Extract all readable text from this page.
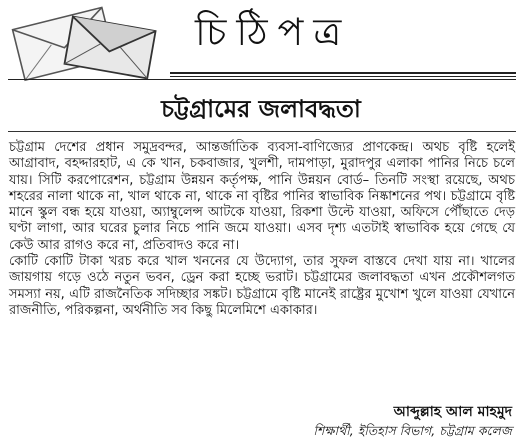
চিঠিপত্র
চট্টগ্রামের জলাবদ্ধতা

চট্টগ্রাম দেশের প্রধান সমুদ্রবন্দর, আন্তর্জাতিক ব্যবসা-বাণিজ্যের প্রাণকেন্দ্র। অথচ বৃষ্টি হলেই আগ্রাবাদ, বহদ্দারহাট, এ কে খান, চকবাজার, খুলশী, দামপাড়া, মুরাদপুর এলাকা পানির নিচে চলে যায়। সিটি করপোরেশন, চট্টগ্রাম উন্নয়ন কর্তৃপক্ষ, পানি উন্নয়ন বোর্ড– তিনটি সংস্থা রয়েছে, অথচ শহরের নালা থাকে না, খাল থাকে না, থাকে না বৃষ্টির পানির স্বাভাবিক নিষ্কাশনের পথ। চট্টগ্রামে বৃষ্টি মানে স্কুল বন্ধ হয়ে যাওয়া, অ্যাম্বুলেন্স আটকে যাওয়া, রিকশা উল্টে যাওয়া, অফিসে পৌঁছাতে দেড় ঘণ্টা লাগা, আর ঘরের চুলার নিচে পানি জমে যাওয়া। এসব দৃশ্য এতটাই স্বাভাবিক হয়ে গেছে যে কেউ আর রাগও করে না, প্রতিবাদও করে না।

কোটি কোটি টাকা খরচ করে খাল খননের যে উদ্যোগ, তার সুফল বাস্তবে দেখা যায় না। খালের জায়গায় গড়ে ওঠে নতুন ভবন, ড্রেন করা হচ্ছে ভরাট। চট্টগ্রামের জলাবদ্ধতা এখন প্রকৌশলগত সমস্যা নয়, এটি রাজনৈতিক সদিচ্ছার সঙ্কট। চট্টগ্রামে বৃষ্টি মানেই রাষ্ট্রের মুখোশ খুলে যাওয়া যেখানে রাজনীতি, পরিকল্পনা, অর্থনীতি সব কিছু মিলেমিশে একাকার।

আব্দুল্লাহ আল মাহমুদ
শিক্ষার্থী, ইতিহাস বিভাগ, চট্টগ্রাম কলেজ
